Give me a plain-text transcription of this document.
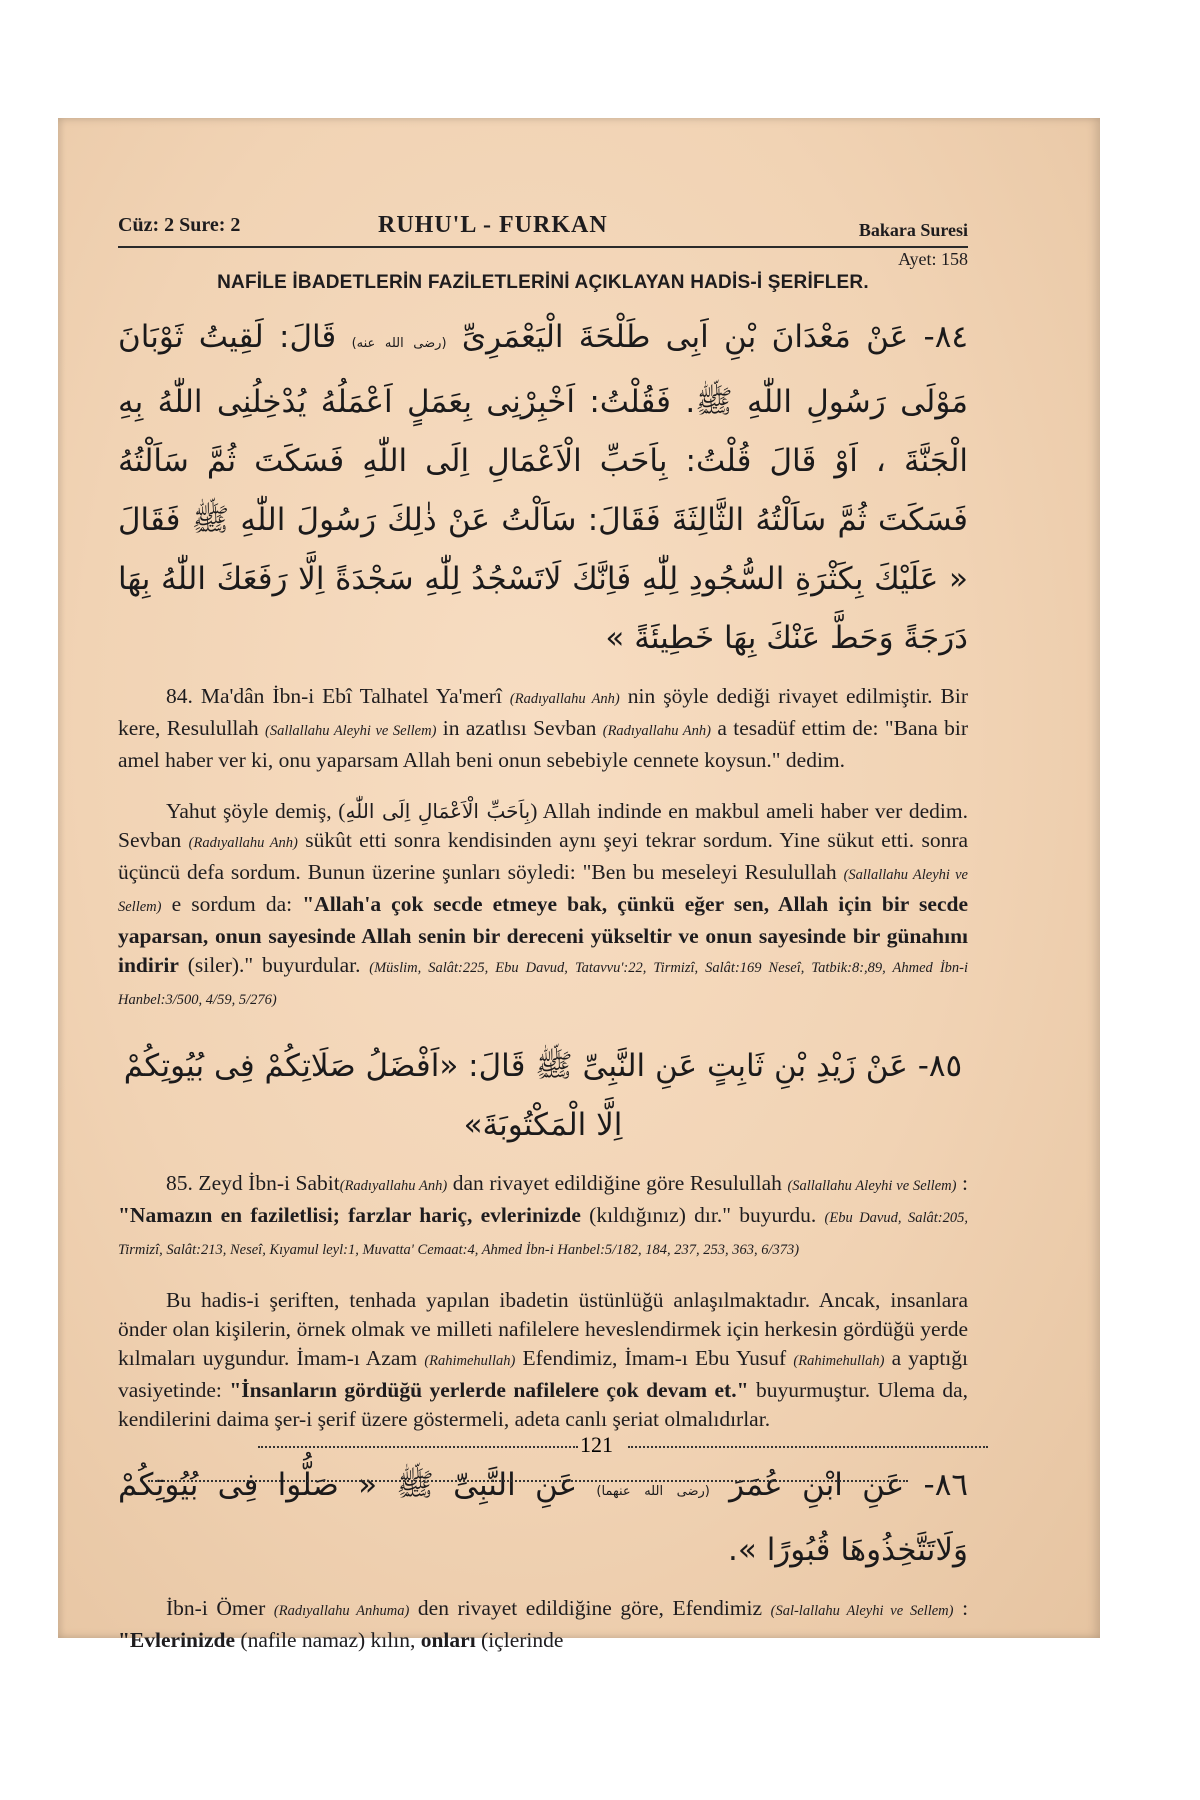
Cüz: 2 Sure: 2	RUHU'L - FURKAN	Bakara Suresi
Ayet: 158
NAFİLE İBADETLERİN FAZİLETLERİNİ AÇIKLAYAN HADİS-İ ŞERİFLER.
٨٤- عَنْ مَعْدَانَ بْنِ اَبِى طَلْحَةَ الْيَعْمَرِىِّ (رضى الله عنه) قَالَ: لَقِيتُ ثَوْبَانَ مَوْلَى رَسُولِ اللّٰهِ ﷺ. فَقُلْتُ: اَخْبِرْنِى بِعَمَلٍ اَعْمَلُهُ يُدْخِلُنِى اللّٰهُ بِهِ الْجَنَّةَ ، اَوْ قَالَ قُلْتُ: بِاَحَبِّ الْاَعْمَالِ اِلَى اللّٰهِ فَسَكَتَ ثُمَّ سَاَلْتُهُ فَسَكَتَ ثُمَّ سَاَلْتُهُ الثَّالِثَةَ فَقَالَ: سَاَلْتُ عَنْ ذٰلِكَ رَسُولَ اللّٰهِ ﷺ فَقَالَ « عَلَيْكَ بِكَثْرَةِ السُّجُودِ لِلّٰهِ فَاِنَّكَ لَاتَسْجُدُ لِلّٰهِ سَجْدَةً اِلَّا رَفَعَكَ اللّٰهُ بِهَا دَرَجَةً وَحَطَّ عَنْكَ بِهَا خَطِيئَةً »

84. Ma'dân İbn-i Ebî Talhatel Ya'merî (Radıyallahu Anh) nin şöyle dediği rivayet edilmiştir. Bir kere, Resulullah (Sallallahu Aleyhi ve Sellem) in azatlısı Sevban (Radıyallahu Anh) a tesadüf ettim de: "Bana bir amel haber ver ki, onu yaparsam Allah beni onun sebebiyle cennete koysun." dedim.

Yahut şöyle demiş, (بِاَحَبِّ الْاَعْمَالِ اِلَى اللّٰهِ) Allah indinde en makbul ameli haber ver dedim. Sevban (Radıyallahu Anh) sükût etti sonra kendisinden aynı şeyi tekrar sordum. Yine sükut etti. sonra üçüncü defa sordum. Bunun üzerine şunları söyledi: "Ben bu meseleyi Resulullah (Sallallahu Aleyhi ve Sellem) e sordum da: "Allah'a çok secde etmeye bak, çünkü eğer sen, Allah için bir secde yaparsan, onun sayesinde Allah senin bir dereceni yükseltir ve onun sayesinde bir günahını indirir (siler)." buyurdular. (Müslim, Salât:225, Ebu Davud, Tatavvu':22, Tirmizî, Salât:169 Neseî, Tatbik:8:,89, Ahmed İbn-i Hanbel:3/500, 4/59, 5/276)

٨٥- عَنْ زَيْدِ بْنِ ثَابِتٍ عَنِ النَّبِىِّ ﷺ قَالَ: «اَفْضَلُ صَلَاتِكُمْ فِى بُيُوتِكُمْ اِلَّا الْمَكْتُوبَةَ»

85. Zeyd İbn-i Sabit(Radıyallahu Anh) dan rivayet edildiğine göre Resulullah (Sallallahu Aleyhi ve Sellem) : "Namazın en faziletlisi; farzlar hariç, evlerinizde (kıldığınız) dır." buyurdu. (Ebu Davud, Salât:205, Tirmizî, Salât:213, Neseî, Kıyamul leyl:1, Muvatta' Cemaat:4, Ahmed İbn-i Hanbel:5/182, 184, 237, 253, 363, 6/373)

Bu hadis-i şeriften, tenhada yapılan ibadetin üstünlüğü anlaşılmaktadır. Ancak, insanlara önder olan kişilerin, örnek olmak ve milleti nafilelere heveslendirmek için herkesin gördüğü yerde kılmaları uygundur. İmam-ı Azam (Rahimehullah) Efendimiz, İmam-ı Ebu Yusuf (Rahimehullah) a yaptığı vasiyetinde: "İnsanların gördüğü yerlerde nafilelere çok devam et." buyurmuştur. Ulema da, kendilerini daima şer-i şerif üzere göstermeli, adeta canlı şeriat olmalıdırlar.

٨٦- عَنِ ابْنِ عُمَرَ (رضى الله عنهما) عَنِ النَّبِىِّ ﷺ « صَلُّوا فِى بُيُوتِكُمْ وَلَاتَتَّخِذُوهَا قُبُورًا ».

İbn-i Ömer (Radıyallahu Anhuma) den rivayet edildiğine göre, Efendimiz (Sal-lallahu Aleyhi ve Sellem) : "Evlerinizde (nafile namaz) kılın, onları (içlerinde

121
